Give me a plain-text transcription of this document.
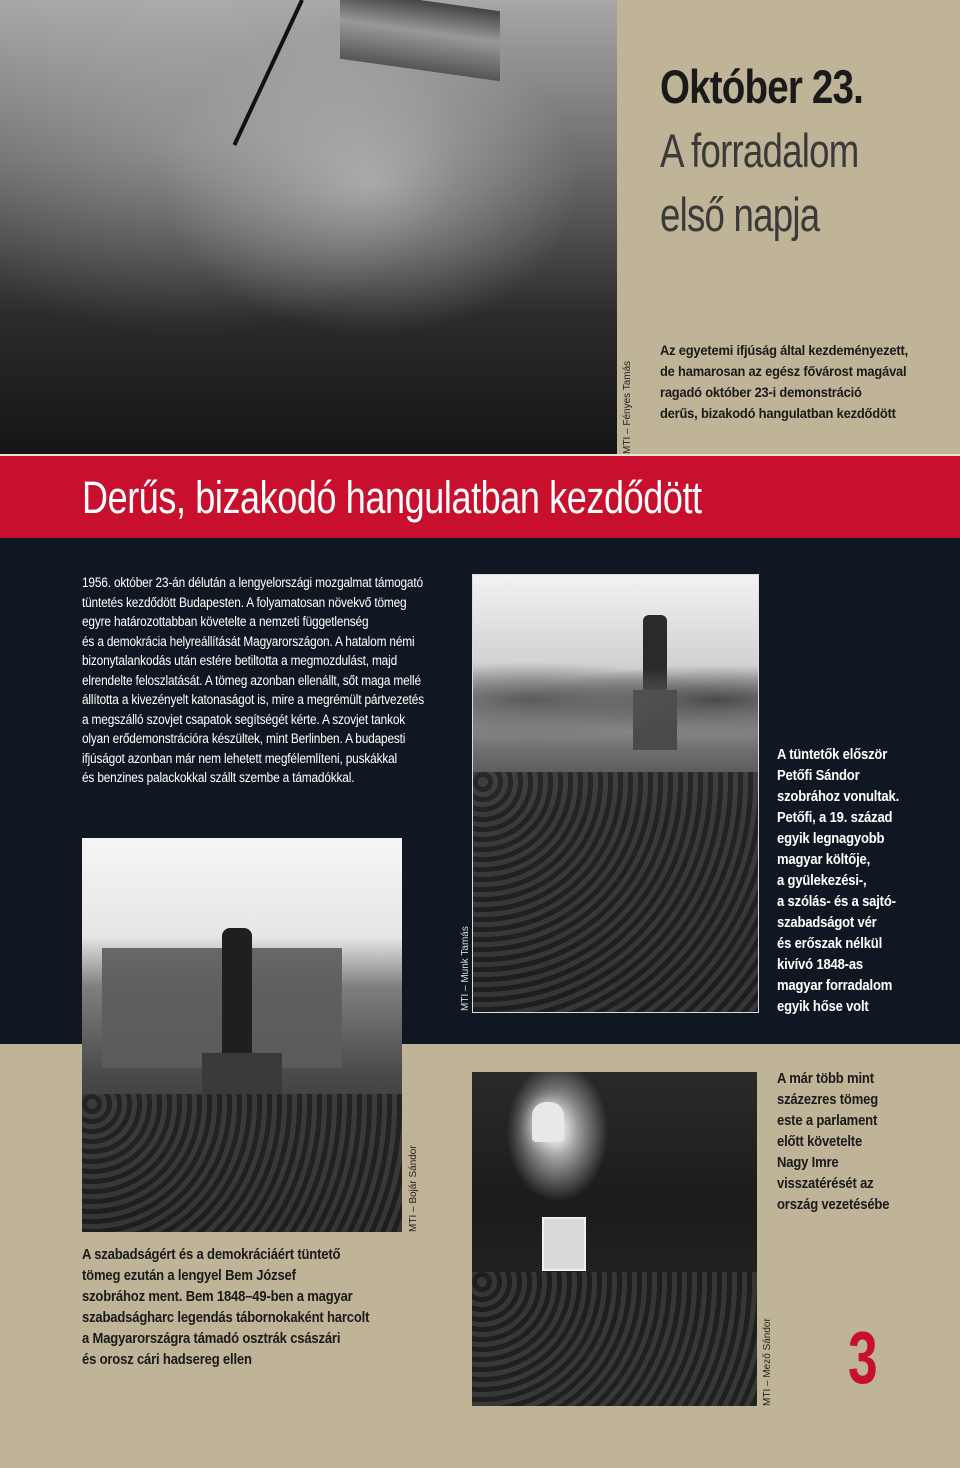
MTI – Fényes Tamás
Október 23.
A forradalom
első napja

Az egyetemi ifjúság által kezdeményezett,

de hamarosan az egész fővárost magával

ragadó október 23-i demonstráció

derűs, bizakodó hangulatban kezdődött

Derűs, bizakodó hangulatban kezdődött

1956. október 23-án délután a lengyelországi mozgalmat támogató

tüntetés kezdődött Budapesten. A folyamatosan növekvő tömeg

egyre határozottabban követelte a nemzeti függetlenség

és a demokrácia helyreállítását Magyarországon. A hatalom némi

bizonytalankodás után estére betiltotta a megmozdulást, majd

elrendelte feloszlatását. A tömeg azonban ellenállt, sőt maga mellé

állította a kivezényelt katonaságot is, mire a megrémült pártvezetés

a megszálló szovjet csapatok segítségét kérte. A szovjet tankok

olyan erődemonstrációra készültek, mint Berlinben. A budapesti

ifjúságot azonban már nem lehetett megfélemlíteni, puskákkal

és benzines palackokkal szállt szembe a támadókkal.

MTI – Munk Tamás

A tüntetők először

Petőfi Sándor

szobrához vonultak.

Petőfi, a 19. század

egyik legnagyobb

magyar költője,

a gyülekezési-,

a szólás- és a sajtó-

szabadságot vér

és erőszak nélkül

kivívó 1848-as

magyar forradalom

egyik hőse volt

MTI – Bojár Sándor

A szabadságért és a demokráciáért tüntető

tömeg ezután a lengyel Bem József

szobrához ment. Bem 1848–49-ben a magyar

szabadságharc legendás tábornokaként harcolt

a Magyarországra támadó osztrák császári

és orosz cári hadsereg ellen	MTI – Mező Sándor

A már több mint

százezres tömeg

este a parlament

előtt követelte

Nagy Imre

visszatérését az

ország vezetésébe

3
